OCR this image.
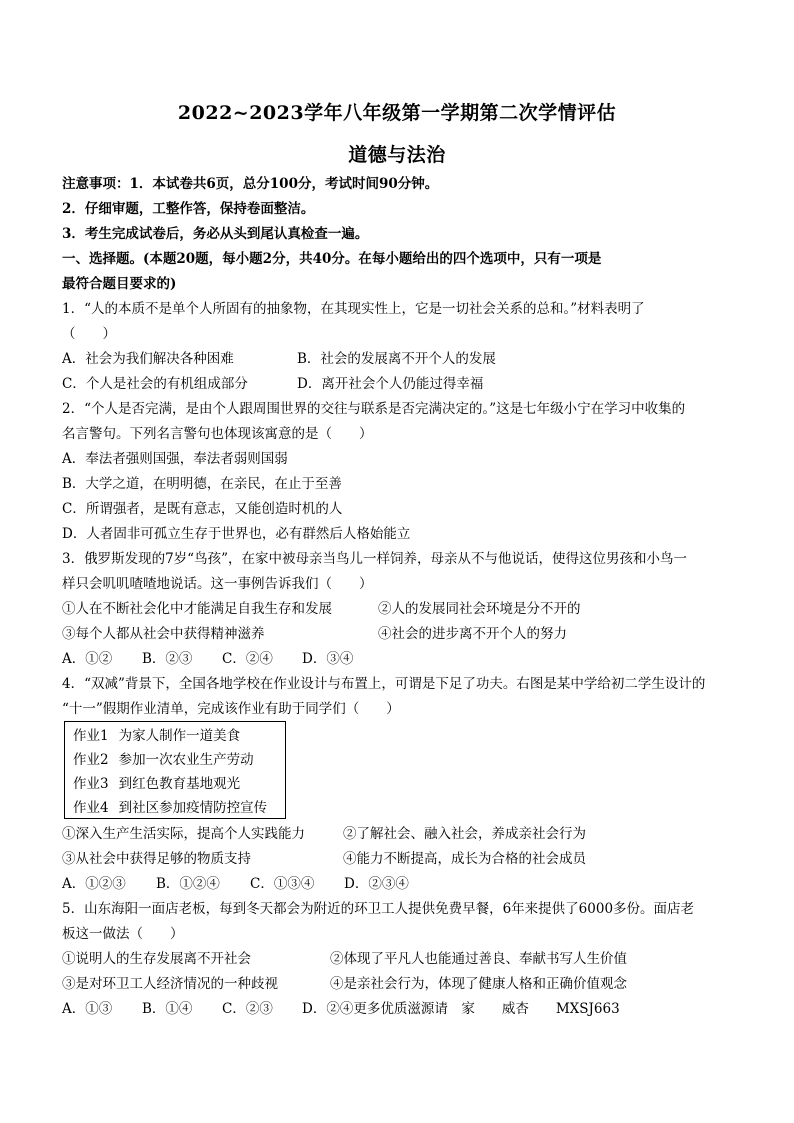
2022~2023学年八年级第一学期第二次学情评估
道德与法治
注意事项：1．本试卷共6页，总分100分，考试时间90分钟。
2．仔细审题，工整作答，保持卷面整洁。
3．考生完成试卷后，务必从头到尾认真检查一遍。
一、选择题。(本题20题，每小题2分，共40分。在每小题给出的四个选项中，只有一项是
最符合题目要求的)
1．“人的本质不是单个人所固有的抽象物，在其现实性上，它是一切社会关系的总和。”材料表明了
（　　）
A．社会为我们解决各种困难	B．社会的发展离不开个人的发展
C．个人是社会的有机组成部分	D．离开社会个人仍能过得幸福
2．“个人是否完满，是由个人跟周围世界的交往与联系是否完满决定的。”这是七年级小宁在学习中收集的
名言警句。下列名言警句也体现该寓意的是（　　）
A．奉法者强则国强，奉法者弱则国弱
B．大学之道，在明明德，在亲民，在止于至善
C．所谓强者，是既有意志，又能创造时机的人
D．人者固非可孤立生存于世界也，必有群然后人格始能立
3．俄罗斯发现的7岁“鸟孩”，在家中被母亲当鸟儿一样饲养，母亲从不与他说话，使得这位男孩和小鸟一
样只会叽叽喳喳地说话。这一事例告诉我们（　　）
①人在不断社会化中才能满足自我生存和发展	②人的发展同社会环境是分不开的
③每个人都从社会中获得精神滋养	④社会的进步离不开个人的努力
A．①② B．②③ C．②④ D．③④
4．“双减”背景下，全国各地学校在作业设计与布置上，可谓是下足了功夫。右图是某中学给初二学生设计的
“十一”假期作业清单，完成该作业有助于同学们（　　）
作业1 为家人制作一道美食
作业2 参加一次农业生产劳动
作业3 到红色教育基地观光
作业4 到社区参加疫情防控宣传
①深入生产生活实际，提高个人实践能力	②了解社会、融入社会，养成亲社会行为
③从社会中获得足够的物质支持	④能力不断提高，成长为合格的社会成员
A．①②③ B．①②④ C．①③④ D．②③④
5．山东海阳一面店老板，每到冬天都会为附近的环卫工人提供免费早餐，6年来提供了6000多份。面店老
板这一做法（　　）
①说明人的生存发展离不开社会	②体现了平凡人也能通过善良、奉献书写人生价值
③是对环卫工人经济情况的一种歧视	④是亲社会行为，体现了健康人格和正确价值观念
A．①③ B．①④ C．②③ D．②④更多优质滋源请　家　　威杏　　MXSJ663
